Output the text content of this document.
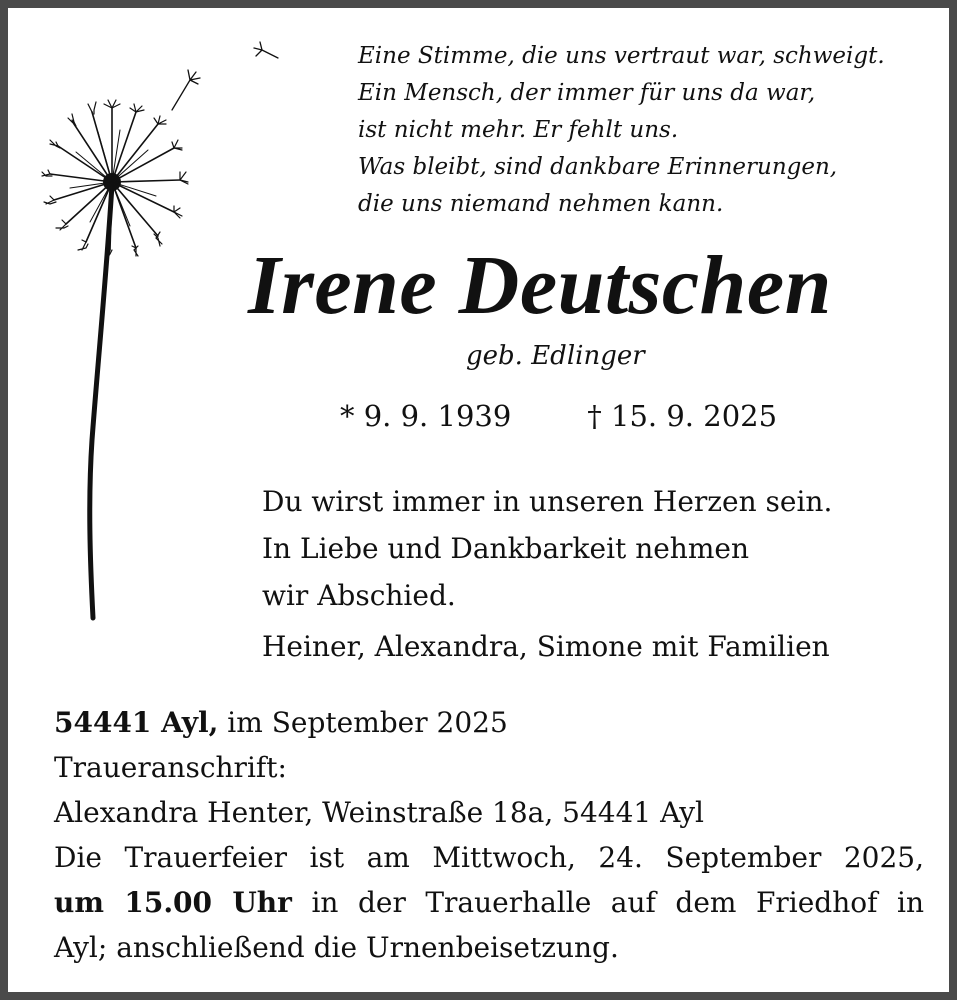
Eine Stimme, die uns vertraut war, schweigt.
Ein Mensch, der immer für uns da war,
ist nicht mehr. Er fehlt uns.
Was bleibt, sind dankbare Erinnerungen,
die uns niemand nehmen kann.
Irene Deutschen
geb. Edlinger
* 9. 9. 1939	† 15. 9. 2025
Du wirst immer in unseren Herzen sein.
In Liebe und Dankbarkeit nehmen
wir Abschied.
Heiner, Alexandra, Simone mit Familien
54441 Ayl, im September 2025
Traueranschrift:
Alexandra Henter, Weinstraße 18a, 54441 Ayl
Die Trauerfeier ist am Mittwoch, 24. September 2025,
um 15.00 Uhr in der Trauerhalle auf dem Friedhof in
Ayl; anschließend die Urnenbeisetzung.
